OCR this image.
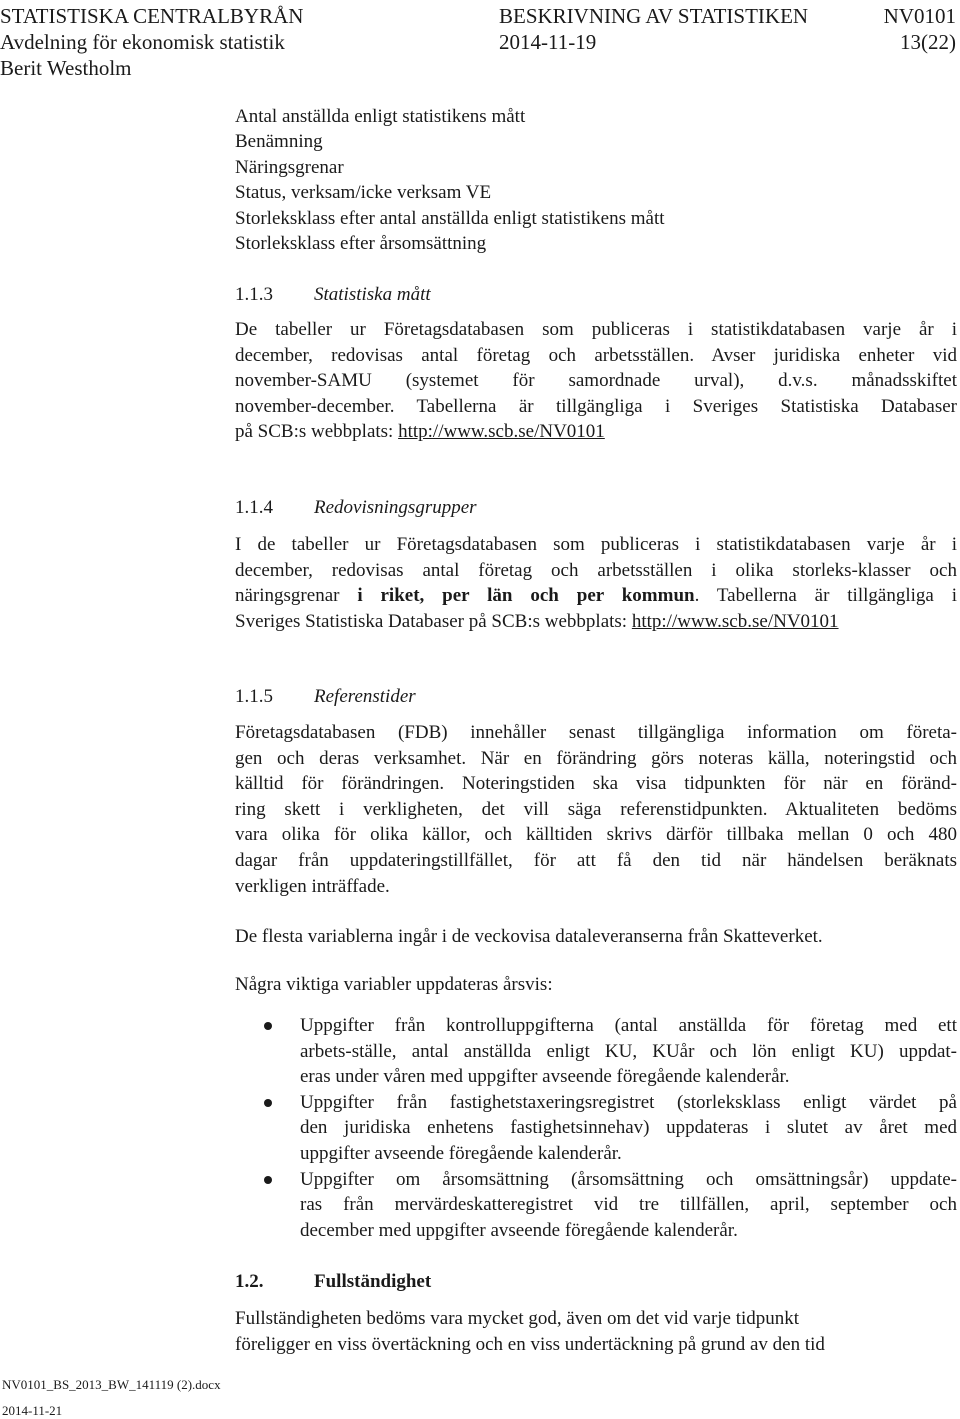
STATISTISKA CENTRALBYRÅN	BESKRIVNING AV STATISTIKEN	NV0101
Avdelning för ekonomisk statistik	2014-11-19	13(22)
Berit Westholm
Antal anställda enligt statistikens mått
Benämning
Näringsgrenar
Status, verksam/icke verksam VE
Storleksklass efter antal anställda enligt statistikens mått
Storleksklass efter årsomsättning
1.1.3 Statistiska mått
De tabeller ur Företagsdatabasen som publiceras i statistikdatabasen varje år i
december, redovisas antal företag och arbetsställen. Avser juridiska enheter vid
november-SAMU (systemet för samordnade urval), d.v.s. månadsskiftet
november-december. Tabellerna är tillgängliga i Sveriges Statistiska Databaser
på SCB:s webbplats: http://www.scb.se/NV0101
1.1.4 Redovisningsgrupper
I de tabeller ur Företagsdatabasen som publiceras i statistikdatabasen varje år i
december, redovisas antal företag och arbetsställen i olika storleks-klasser och
näringsgrenar i riket, per län och per kommun. Tabellerna är tillgängliga i
Sveriges Statistiska Databaser på SCB:s webbplats: http://www.scb.se/NV0101
1.1.5 Referenstider
Företagsdatabasen (FDB) innehåller senast tillgängliga information om företa-
gen och deras verksamhet. När en förändring görs noteras källa, noteringstid och
källtid för förändringen. Noteringstiden ska visa tidpunkten för när en föränd-
ring skett i verkligheten, det vill säga referenstidpunkten. Aktualiteten bedöms
vara olika för olika källor, och källtiden skrivs därför tillbaka mellan 0 och 480
dagar från uppdateringstillfället, för att få den tid när händelsen beräknats
verkligen inträffade.
De flesta variablerna ingår i de veckovisa dataleveranserna från Skatteverket.
Några viktiga variabler uppdateras årsvis:
Uppgifter från kontrolluppgifterna (antal anställda för företag med ett
arbets-ställe, antal anställda enligt KU, KUår och lön enligt KU) uppdat-
eras under våren med uppgifter avseende föregående kalenderår.
Uppgifter från fastighetstaxeringsregistret (storleksklass enligt värdet på
den juridiska enhetens fastighetsinnehav) uppdateras i slutet av året med
uppgifter avseende föregående kalenderår.
Uppgifter om årsomsättning (årsomsättning och omsättningsår) uppdate-
ras från mervärdeskatteregistret vid tre tillfällen, april, september och
december med uppgifter avseende föregående kalenderår.
1.2.	Fullständighet
Fullständigheten bedöms vara mycket god, även om det vid varje tidpunkt
föreligger en viss övertäckning och en viss undertäckning på grund av den tid
NV0101_BS_2013_BW_141119 (2).docx
2014-11-21
